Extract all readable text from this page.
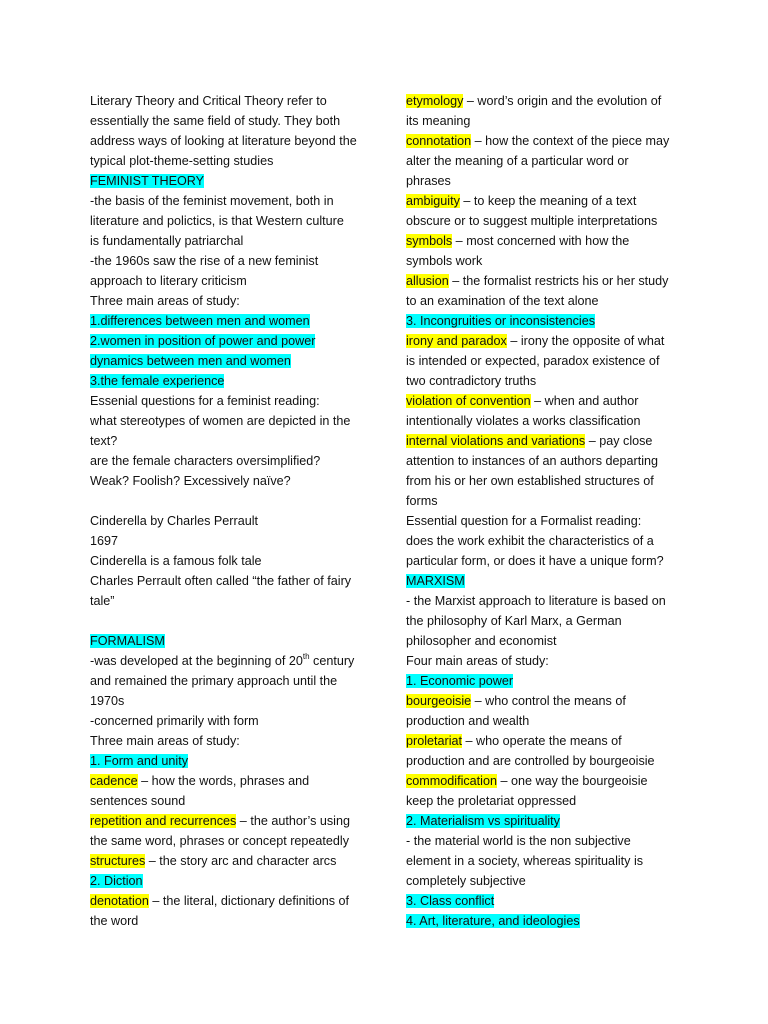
Literary Theory and Critical Theory refer to
essentially the same field of study. They both
address ways of looking at literature beyond the
typical plot-theme-setting studies
FEMINIST THEORY
-the basis of the feminist movement, both in
literature and polictics, is that Western culture
is fundamentally patriarchal
-the 1960s saw the rise of a new feminist
approach to literary criticism
Three main areas of study:
1.differences between men and women
2.women in position of power and power
dynamics between men and women
3.the female experience
Essenial questions for a feminist reading:
what stereotypes of women are depicted in the
text?
are the female characters oversimplified?
Weak? Foolish? Excessively naïve?
Cinderella by Charles Perrault
1697
Cinderella is a famous folk tale
Charles Perrault often called “the father of fairy
tale”
FORMALISM
-was developed at the beginning of 20th century
and remained the primary approach until the
1970s
-concerned primarily with form
Three main areas of study:
1. Form and unity
cadence – how the words, phrases and
sentences sound
repetition and recurrences – the author’s using
the same word, phrases or concept repeatedly
structures – the story arc and character arcs
2. Diction
denotation – the literal, dictionary definitions of
the word
etymology – word’s origin and the evolution of
its meaning
connotation – how the context of the piece may
alter the meaning of a particular word or
phrases
ambiguity – to keep the meaning of a text
obscure or to suggest multiple interpretations
symbols – most concerned with how the
symbols work
allusion – the formalist restricts his or her study
to an examination of the text alone
3. Incongruities or inconsistencies
irony and paradox – irony the opposite of what
is intended or expected, paradox existence of
two contradictory truths
violation of convention – when and author
intentionally violates a works classification
internal violations and variations – pay close
attention to instances of an authors departing
from his or her own established structures of
forms
Essential question for a Formalist reading:
does the work exhibit the characteristics of a
particular form, or does it have a unique form?
MARXISM
- the Marxist approach to literature is based on
the philosophy of Karl Marx, a German
philosopher and economist
Four main areas of study:
1. Economic power
bourgeoisie – who control the means of
production and wealth
proletariat – who operate the means of
production and are controlled by bourgeoisie
commodification – one way the bourgeoisie
keep the proletariat oppressed
2. Materialism vs spirituality
- the material world is the non subjective
element in a society, whereas spirituality is
completely subjective
3. Class conflict
4. Art, literature, and ideologies
